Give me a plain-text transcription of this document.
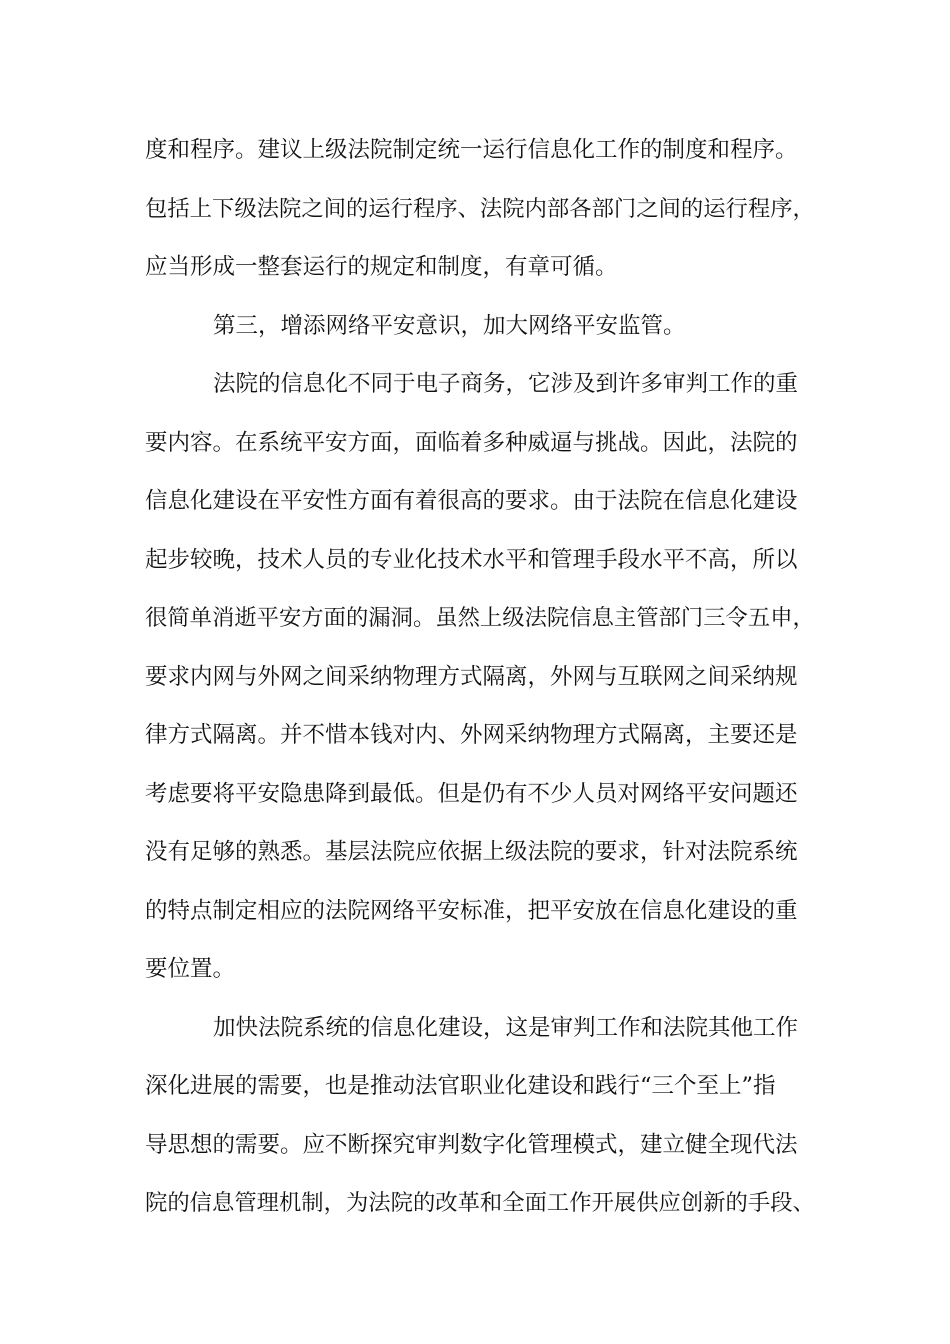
度和程序。建议上级法院制定统一运行信息化工作的制度和程序。
包括上下级法院之间的运行程序、法院内部各部门之间的运行程序，
应当形成一整套运行的规定和制度，有章可循。
第三，增添网络平安意识，加大网络平安监管。
法院的信息化不同于电子商务，它涉及到许多审判工作的重
要内容。在系统平安方面，面临着多种威逼与挑战。因此，法院的
信息化建设在平安性方面有着很高的要求。由于法院在信息化建设
起步较晚，技术人员的专业化技术水平和管理手段水平不高，所以
很简单消逝平安方面的漏洞。虽然上级法院信息主管部门三令五申，
要求内网与外网之间采纳物理方式隔离，外网与互联网之间采纳规
律方式隔离。并不惜本钱对内、外网采纳物理方式隔离，主要还是
考虑要将平安隐患降到最低。但是仍有不少人员对网络平安问题还
没有足够的熟悉。基层法院应依据上级法院的要求，针对法院系统
的特点制定相应的法院网络平安标准，把平安放在信息化建设的重
要位置。
加快法院系统的信息化建设，这是审判工作和法院其他工作
深化进展的需要，也是推动法官职业化建设和践行“三个至上”指
导思想的需要。应不断探究审判数字化管理模式，建立健全现代法
院的信息管理机制，为法院的改革和全面工作开展供应创新的手段、
